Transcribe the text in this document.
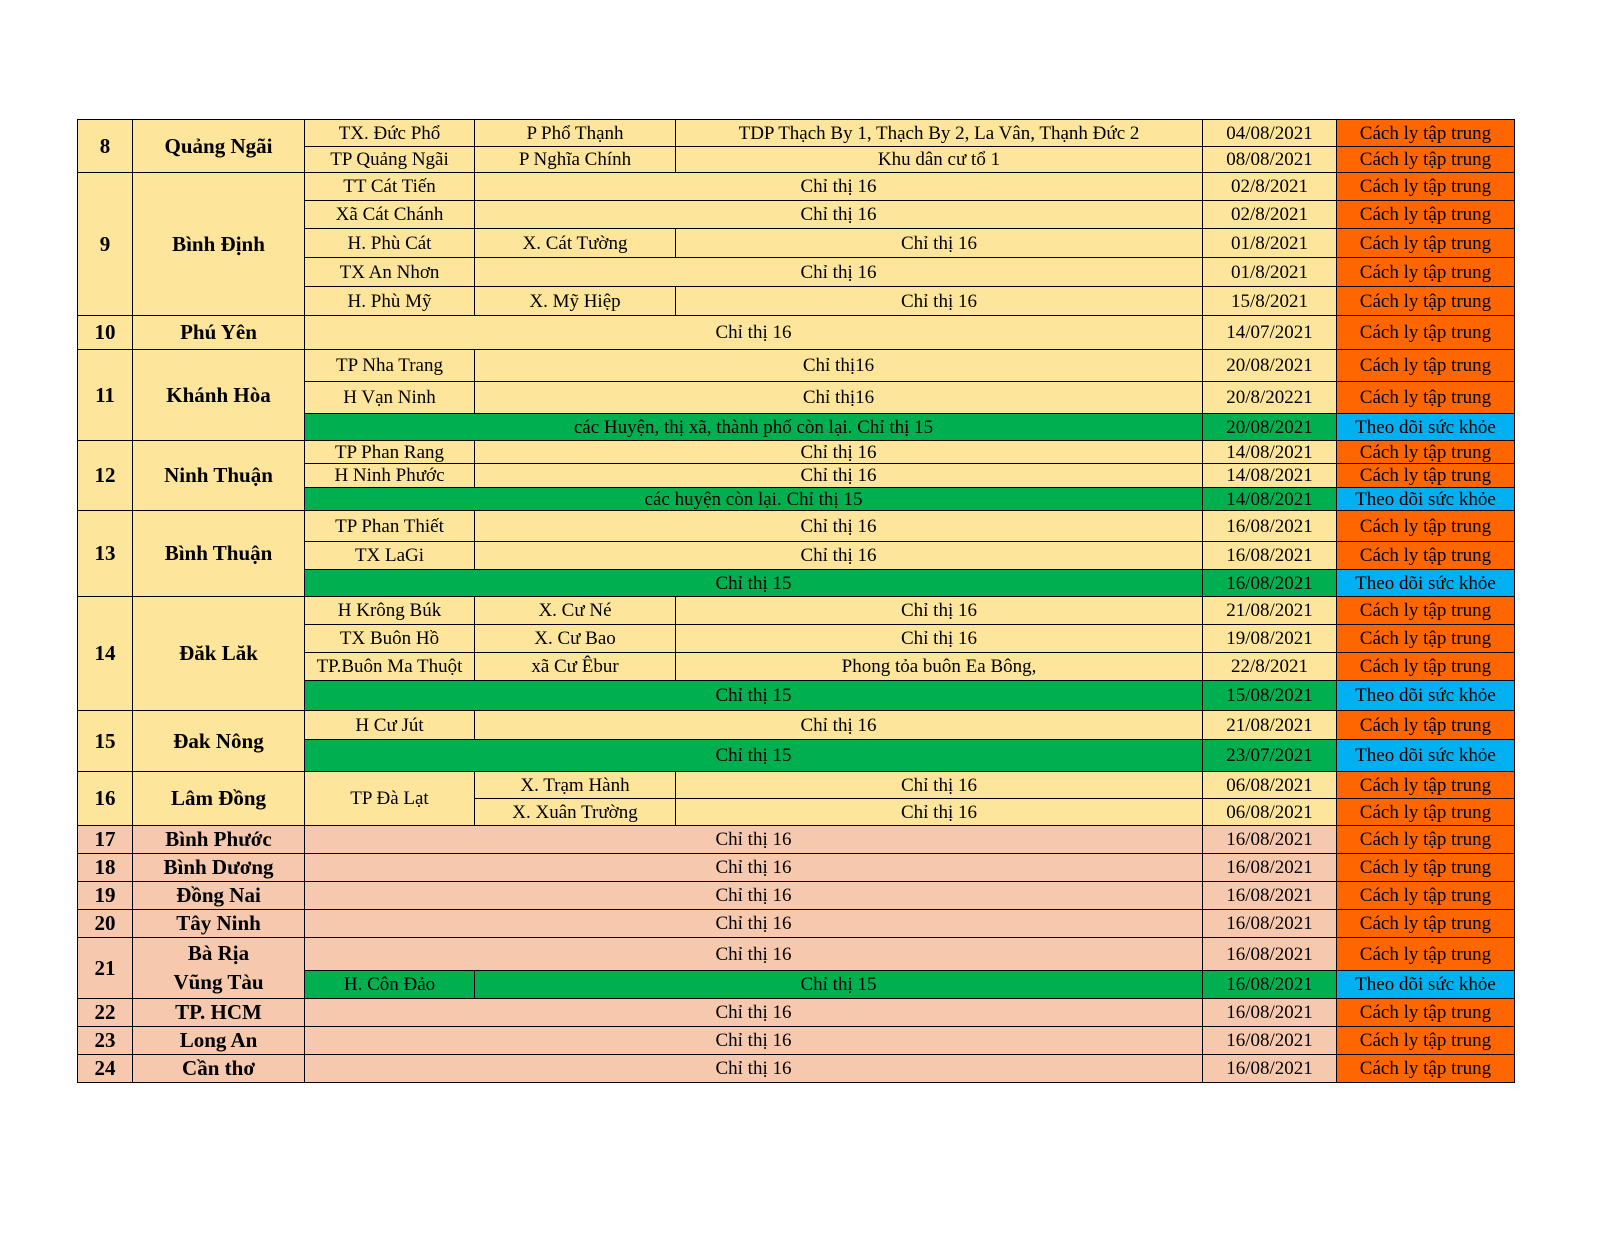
8	Quảng Ngãi	TX. Đức Phổ	P Phổ Thạnh	TDP Thạch By 1, Thạch By 2, La Vân, Thạnh Đức 2	04/08/2021	Cách ly tập trung
		TP Quảng Ngãi	P Nghĩa Chính	Khu dân cư tổ 1	08/08/2021	Cách ly tập trung
9	Bình Định	TT Cát Tiến	Chỉ thị 16		02/8/2021	Cách ly tập trung
		Xã Cát Chánh	Chỉ thị 16		02/8/2021	Cách ly tập trung
		H. Phù Cát	X. Cát Tường	Chỉ thị 16	01/8/2021	Cách ly tập trung
		TX An Nhơn	Chỉ thị 16		01/8/2021	Cách ly tập trung
		H. Phù Mỹ	X. Mỹ Hiệp	Chỉ thị 16	15/8/2021	Cách ly tập trung
10	Phú Yên	Chỉ thị 16			14/07/2021	Cách ly tập trung
11	Khánh Hòa	TP Nha Trang	Chỉ thị16		20/08/2021	Cách ly tập trung
		H Vạn Ninh	Chỉ thị16		20/8/20221	Cách ly tập trung
		các Huyện, thị xã, thành phố còn lại. Chỉ thị 15			20/08/2021	Theo dõi sức khỏe
12	Ninh Thuận	TP Phan Rang	Chỉ thị 16		14/08/2021	Cách ly tập trung
		H Ninh Phước	Chỉ thị 16		14/08/2021	Cách ly tập trung
		các huyện còn lại. Chỉ thị 15			14/08/2021	Theo dõi sức khỏe
13	Bình Thuận	TP Phan Thiết	Chỉ thị 16		16/08/2021	Cách ly tập trung
		TX LaGi	Chỉ thị 16		16/08/2021	Cách ly tập trung
		Chỉ thị 15			16/08/2021	Theo dõi sức khỏe
14	Đăk Lăk	H Krông Búk	X. Cư Né	Chỉ thị 16	21/08/2021	Cách ly tập trung
		TX Buôn Hồ	X. Cư Bao	Chỉ thị 16	19/08/2021	Cách ly tập trung
		TP.Buôn Ma Thuột	xã Cư Êbur	Phong tỏa buôn Ea Bông,	22/8/2021	Cách ly tập trung
		Chỉ thị 15			15/08/2021	Theo dõi sức khỏe
15	Đak Nông	H Cư Jút	Chỉ thị 16		21/08/2021	Cách ly tập trung
		Chỉ thị 15			23/07/2021	Theo dõi sức khỏe
16	Lâm Đồng	TP Đà Lạt	X. Trạm Hành	Chỉ thị 16	06/08/2021	Cách ly tập trung
			X. Xuân Trường	Chỉ thị 16	06/08/2021	Cách ly tập trung
17	Bình Phước	Chỉ thị 16			16/08/2021	Cách ly tập trung
18	Bình Dương	Chỉ thị 16			16/08/2021	Cách ly tập trung
19	Đồng Nai	Chỉ thị 16			16/08/2021	Cách ly tập trung
20	Tây Ninh	Chỉ thị 16			16/08/2021	Cách ly tập trung
21	Bà Rịa
Vũng Tàu	Chỉ thị 16			16/08/2021	Cách ly tập trung
		H. Côn Đảo	Chỉ thị 15		16/08/2021	Theo dõi sức khỏe
22	TP. HCM	Chỉ thị 16			16/08/2021	Cách ly tập trung
23	Long An	Chỉ thị 16			16/08/2021	Cách ly tập trung
24	Cần thơ	Chỉ thị 16			16/08/2021	Cách ly tập trung
